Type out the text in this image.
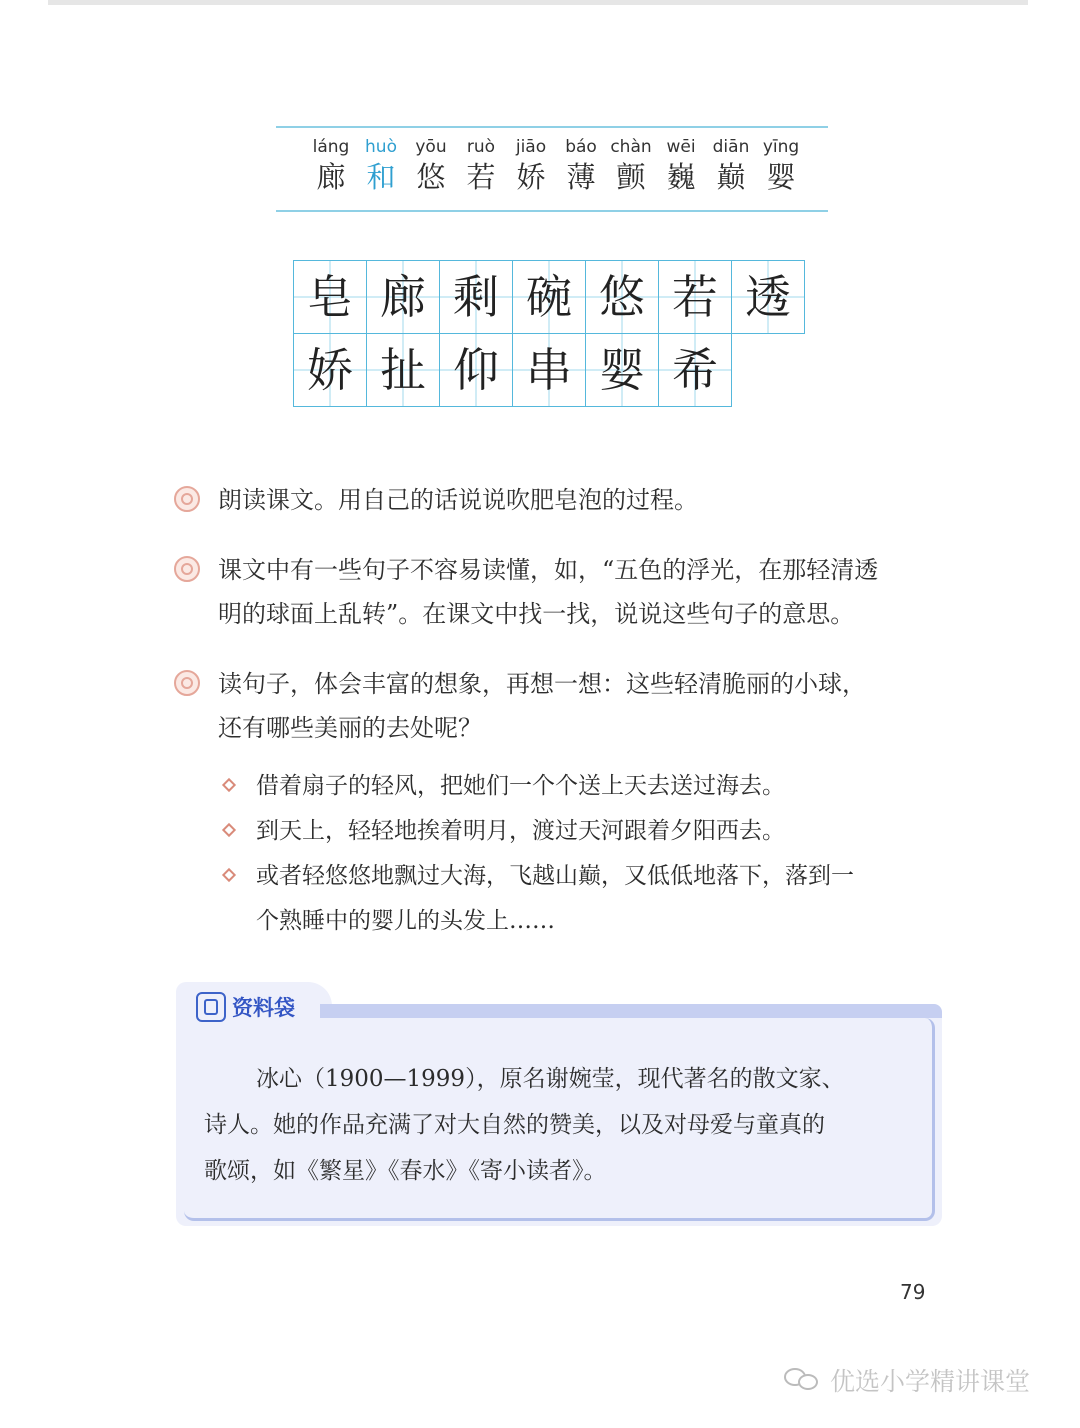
láng
廊
huò
和
yōu
悠
ruò
若
jiāo
娇
báo
薄
chàn
颤
wēi
巍
diān
巅
yīng
婴
皂 廊 剩 碗 悠 若 透
娇 扯 仰 串 婴 希
朗读课文。用自己的话说说吹肥皂泡的过程。
课文中有一些句子不容易读懂，如，“五色的浮光，在那轻清透
明的球面上乱转”。在课文中找一找，说说这些句子的意思。
读句子，体会丰富的想象，再想一想：这些轻清脆丽的小球，
还有哪些美丽的去处呢？
借着扇子的轻风，把她们一个个送上天去送过海去。
到天上，轻轻地挨着明月，渡过天河跟着夕阳西去。
或者轻悠悠地飘过大海，飞越山巅，又低低地落下，落到一
个熟睡中的婴儿的头发上……
资料袋
冰心（1900—1999），原名谢婉莹，现代著名的散文家、
诗人。她的作品充满了对大自然的赞美，以及对母爱与童真的
歌颂，如《繁星》《春水》《寄小读者》。
79
优选小学精讲课堂
